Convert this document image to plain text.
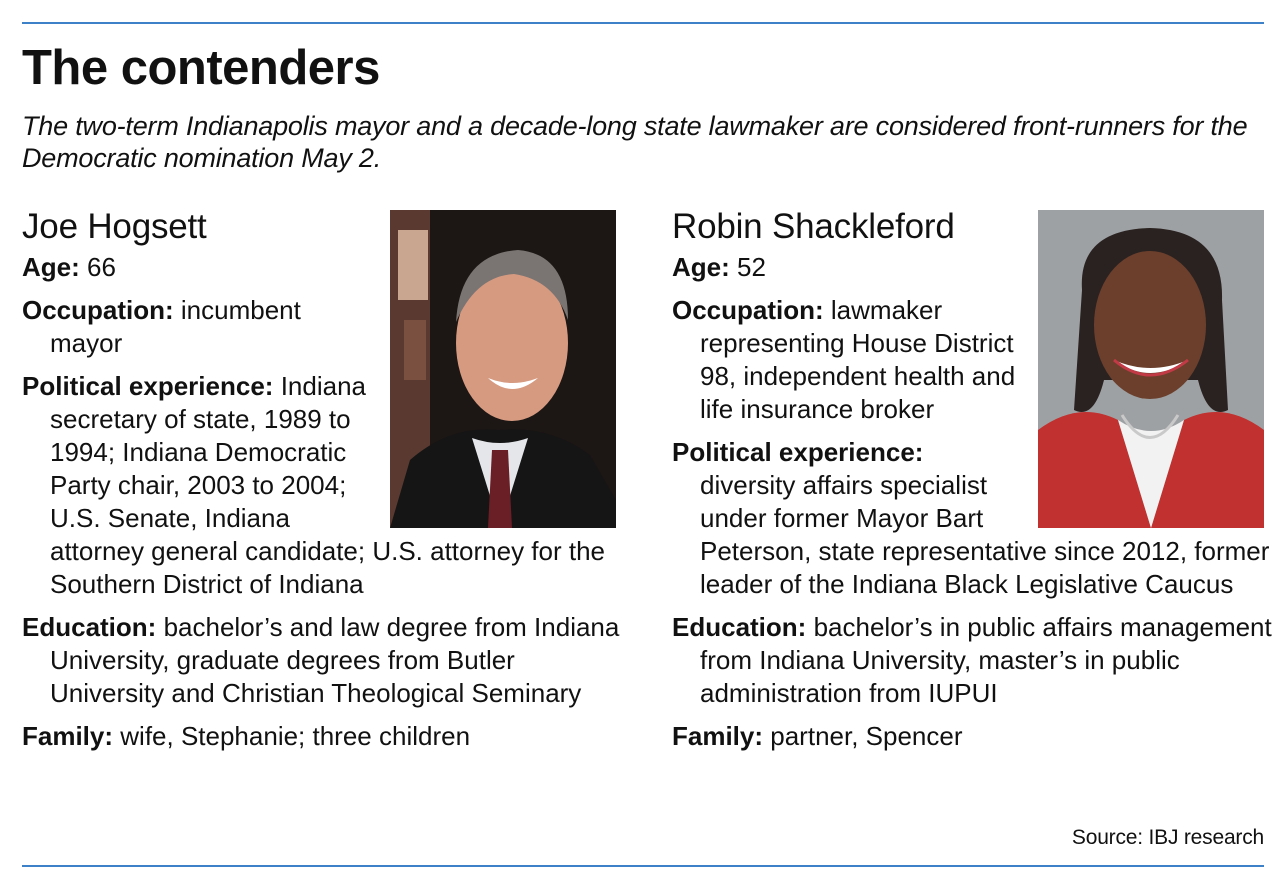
The contenders

The two-term Indianapolis mayor and a decade-long state lawmaker are considered front-runners for the Democratic nomination May 2.

Joe Hogsett

Age: 66

Occupation: incumbent mayor

Political experience: Indiana secretary of state, 1989 to 1994; Indiana Democratic Party chair, 2003 to 2004; U.S. Senate, Indiana attorney general candidate; U.S. attorney for the Southern District of Indiana

Education: bachelor’s and law degree from Indiana University, graduate degrees from Butler University and Christian Theological Seminary

Family: wife, Stephanie; three children

Robin Shackleford

Age: 52

Occupation: lawmaker representing House District 98, independent health and life insurance broker

Political experience: diversity affairs specialist under former Mayor Bart Peterson, state representative since 2012, former leader of the Indiana Black Legislative Caucus

Education: bachelor’s in public affairs management from Indiana University, master’s in public administration from IUPUI

Family: partner, Spencer

Source: IBJ research
